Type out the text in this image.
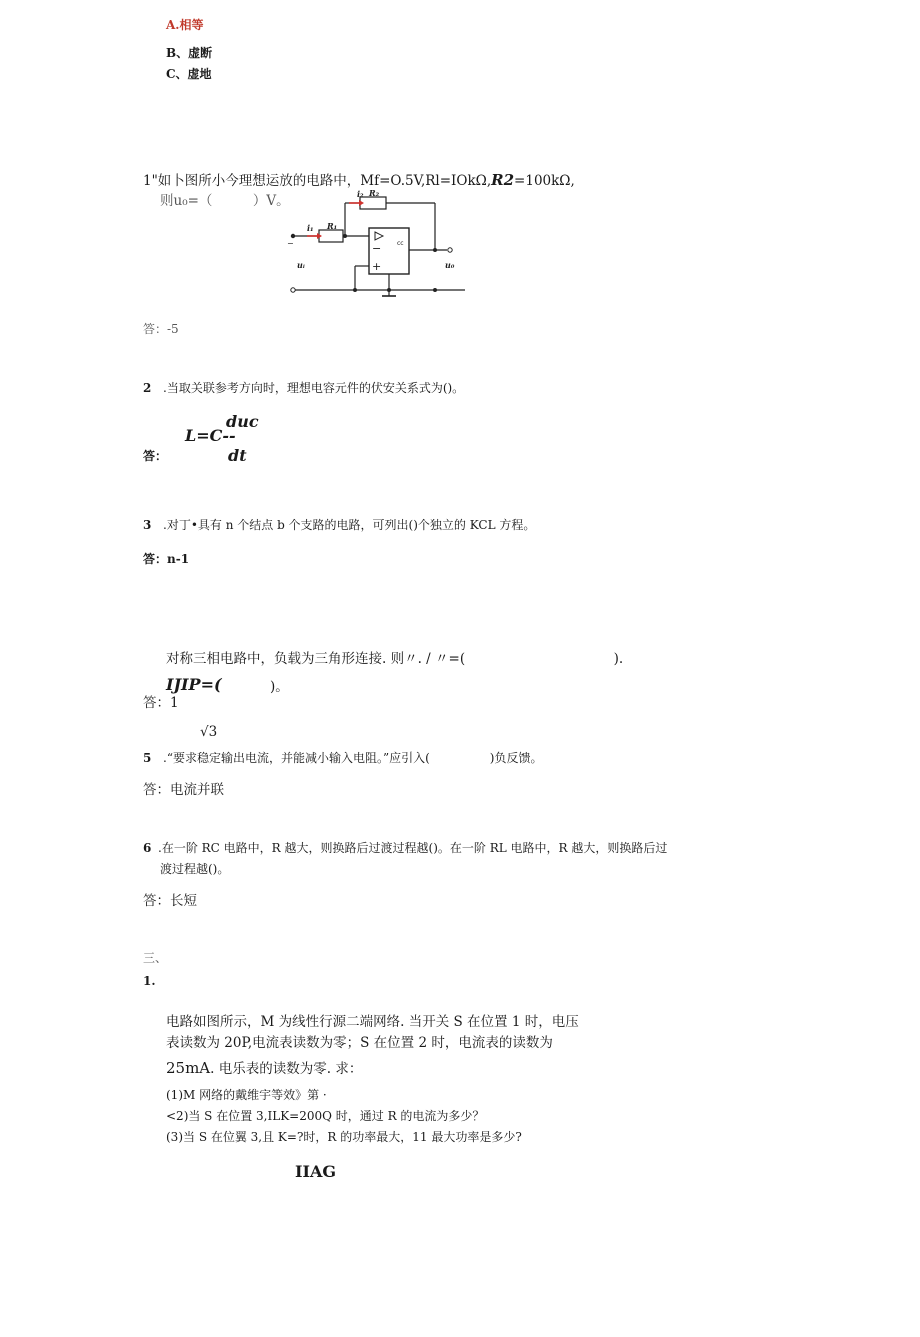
A.相等
B、虚断
C、虚地
1"如卜图所小今理想运放的电路中，Mf=O.5V,Rl=IOkΩ,R2=100kΩ,
则u₀=（　　　）V。
cc
−
+
i₂ R₂
i₁ R₁
uᵢ	u₀
−
答：-5
2 .当取关联参考方向时，理想电容元件的伏安关系式为()。
duc
L=C--
答：	dt
3 .对丁•具有 n 个结点 b 个支路的电路，可列出()个独立的 KCL 方程。
答：n-1
对称三相电路中，负载为三角形连接. 则〃. / 〃=(　　　　　　　　　　　).
IJIP=(	)。
答：1
√3
5 .“要求稳定输出电流，并能减小输入电阻。”应引入(　　　　　)负反馈。
答：电流并联
6 .在一阶 RC 电路中，R 越大，则换路后过渡过程越()。在一阶 RL 电路中，R 越大，则换路后过
渡过程越()。
答：长短
三、
1.
电路如图所示，M 为线性行源二端网络. 当开关 S 在位置 1 时，电压
表读数为 20P,电流表读数为零；S 在位置 2 时，电流表的读数为
25mA. 电乐表的读数为零. 求：
(1)M 网络的戴维宇等效》第 ·
<2)当 S 在位置 3,ILK=200Q 时，通过 R 的电流为多少？
(3)当 S 在位翼 3,且 K=?时，R 的功率最大，11 最大功率是多少?
IIAG
